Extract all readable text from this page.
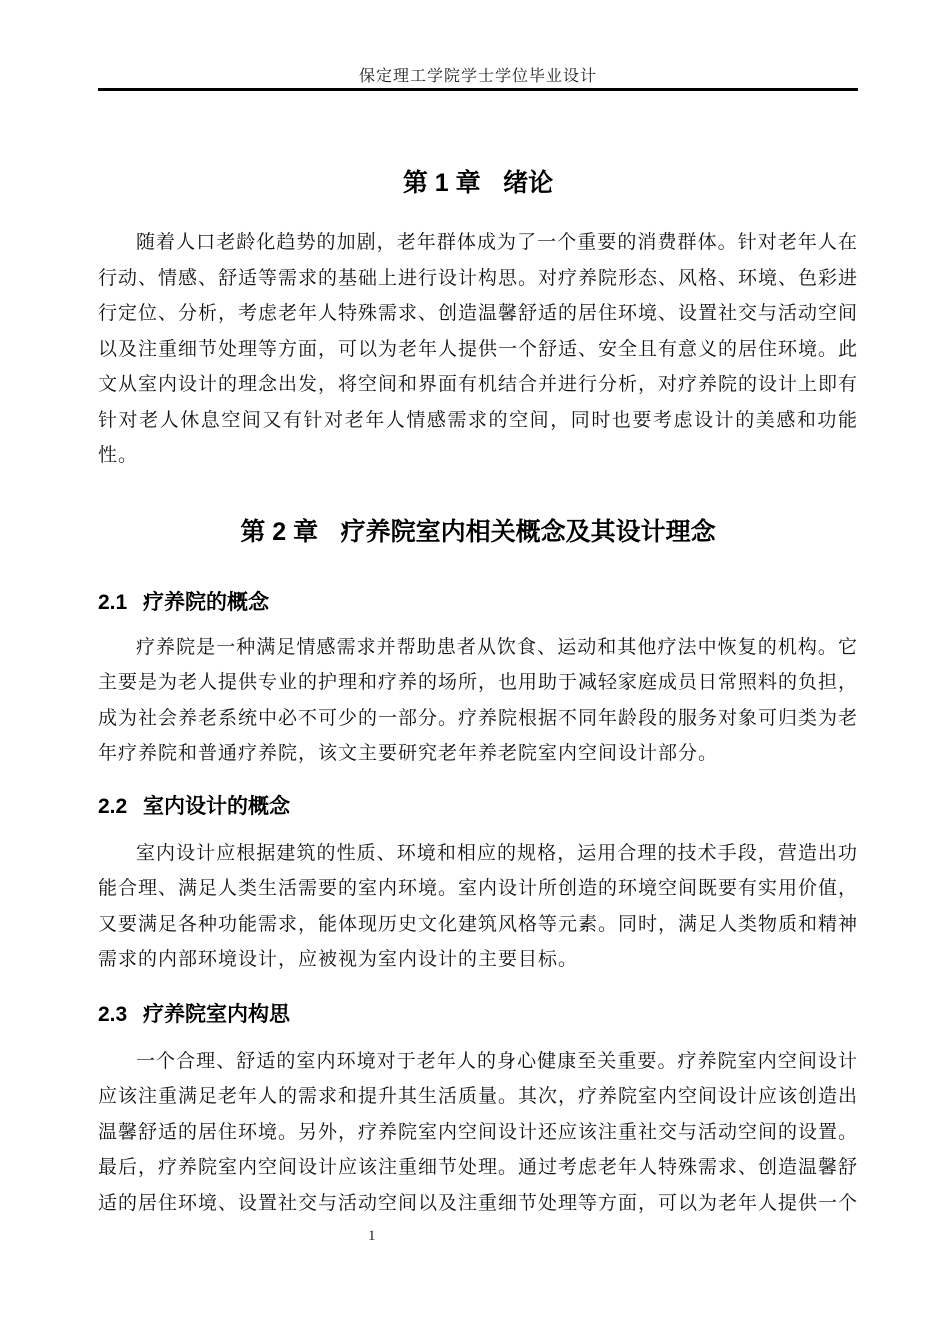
保定理工学院学士学位毕业设计
第 1 章 绪论

随着人口老龄化趋势的加剧，老年群体成为了一个重要的消费群体。针对老年人在行动、情感、舒适等需求的基础上进行设计构思。对疗养院形态、风格、环境、色彩进行定位、分析，考虑老年人特殊需求、创造温馨舒适的居住环境、设置社交与活动空间以及注重细节处理等方面，可以为老年人提供一个舒适、安全且有意义的居住环境。此文从室内设计的理念出发，将空间和界面有机结合并进行分析，对疗养院的设计上即有针对老人休息空间又有针对老年人情感需求的空间，同时也要考虑设计的美感和功能性。

第 2 章 疗养院室内相关概念及其设计理念
2.1 疗养院的概念

疗养院是一种满足情感需求并帮助患者从饮食、运动和其他疗法中恢复的机构。它主要是为老人提供专业的护理和疗养的场所，也用助于减轻家庭成员日常照料的负担，成为社会养老系统中必不可少的一部分。疗养院根据不同年龄段的服务对象可归类为老年疗养院和普通疗养院，该文主要研究老年养老院室内空间设计部分。

2.2 室内设计的概念

室内设计应根据建筑的性质、环境和相应的规格，运用合理的技术手段，营造出功能合理、满足人类生活需要的室内环境。室内设计所创造的环境空间既要有实用价值，又要满足各种功能需求，能体现历史文化建筑风格等元素。同时，满足人类物质和精神需求的内部环境设计，应被视为室内设计的主要目标。

2.3 疗养院室内构思

一个合理、舒适的室内环境对于老年人的身心健康至关重要。疗养院室内空间设计应该注重满足老年人的需求和提升其生活质量。其次，疗养院室内空间设计应该创造出温馨舒适的居住环境。另外，疗养院室内空间设计还应该注重社交与活动空间的设置。最后，疗养院室内空间设计应该注重细节处理。通过考虑老年人特殊需求、创造温馨舒适的居住环境、设置社交与活动空间以及注重细节处理等方面，可以为老年人提供一个

1
